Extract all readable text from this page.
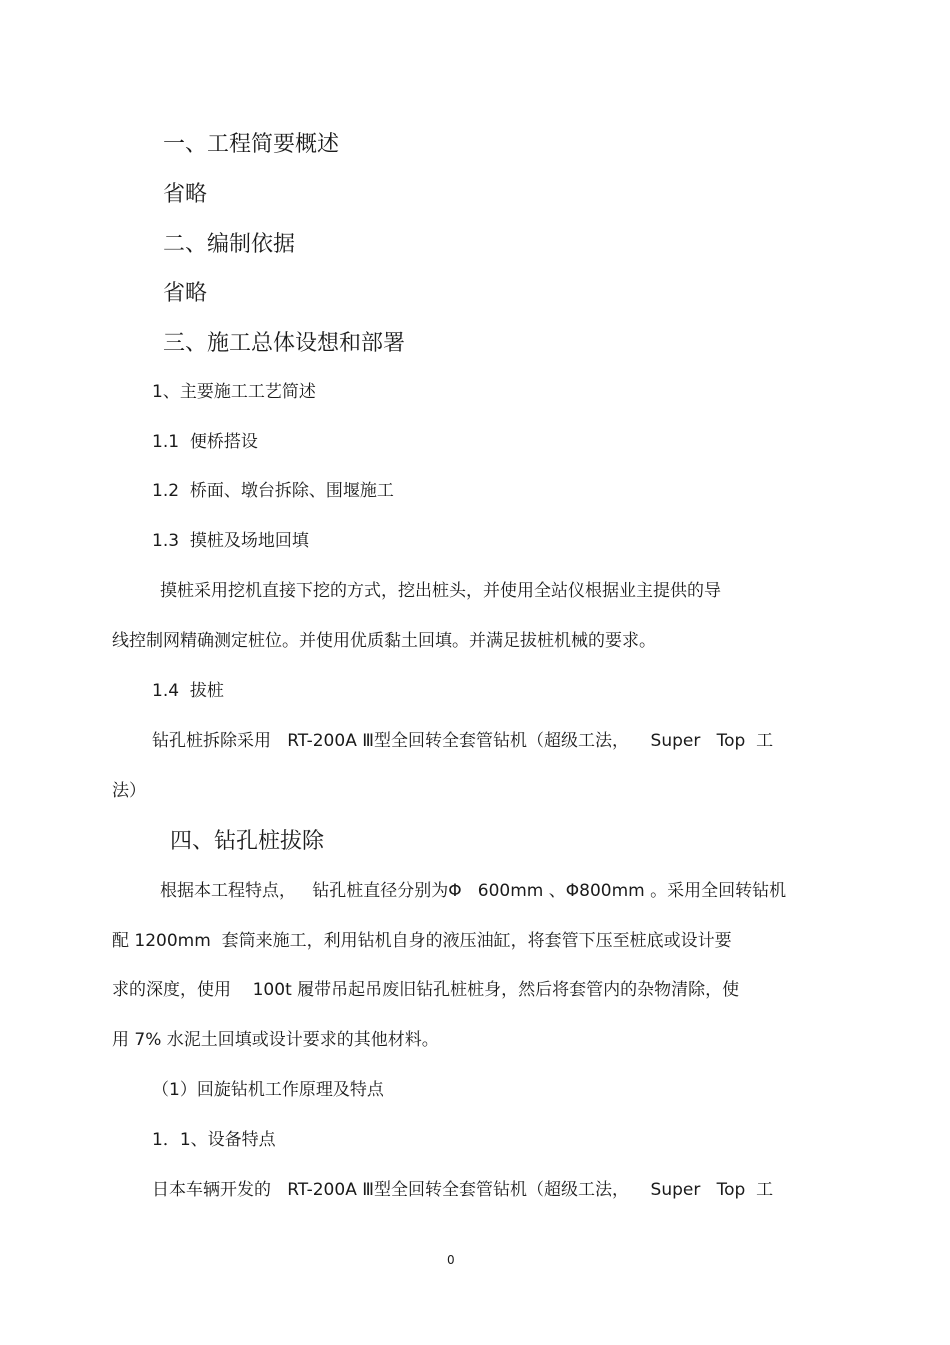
一、工程简要概述
省略
二、编制依据
省略
三、施工总体设想和部署
1、主要施工工艺简述
1.1  便桥搭设
1.2  桥面、墩台拆除、围堰施工
1.3  摸桩及场地回填
摸桩采用挖机直接下挖的方式，挖出桩头，并使用全站仪根据业主提供的导
线控制网精确测定桩位。并使用优质黏土回填。并满足拔桩机械的要求。
1.4  拔桩
钻孔桩拆除采用   RT-200A Ⅲ型全回转全套管钻机（超级工法，    Super   Top  工
法）
四、钻孔桩拔除
根据本工程特点，   钻孔桩直径分别为Φ   600mm 、Φ800mm 。采用全回转钻机
配 1200mm  套筒来施工，利用钻机自身的液压油缸，将套管下压至桩底或设计要
求的深度，使用    100t 履带吊起吊废旧钻孔桩桩身，然后将套管内的杂物清除，使
用 7% 水泥土回填或设计要求的其他材料。
（1）回旋钻机工作原理及特点
1．1、设备特点
日本车辆开发的   RT-200A Ⅲ型全回转全套管钻机（超级工法，    Super   Top  工
0
